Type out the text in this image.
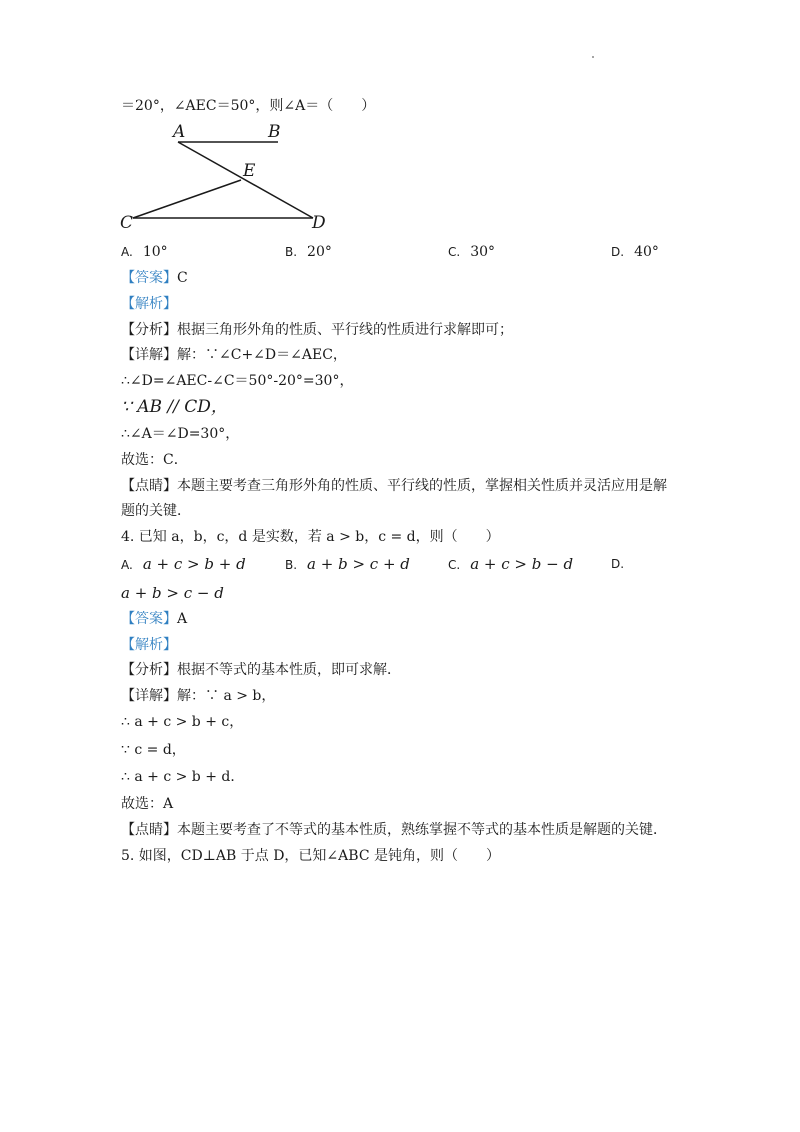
＝20°，∠AEC＝50°，则∠A＝（　　）
A	B
E
C	D
A. 10°	B. 20°	C. 30°	D. 40°
【答案】C
【解析】
【分析】根据三角形外角的性质、平行线的性质进行求解即可；
【详解】解：∵∠C+∠D＝∠AEC，
∴∠D=∠AEC-∠C＝50°-20°=30°，
∵ AB // CD，
∴∠A＝∠D=30°，
故选：C．
【点睛】本题主要考查三角形外角的性质、平行线的性质，掌握相关性质并灵活应用是解
题的关键．
4. 已知 a，b，c，d 是实数，若 a > b，c = d，则（　　）
A. a + c > b + d	B. a + b > c + d	C. a + c > b − d	D.
a + b > c − d
【答案】A
【解析】
【分析】根据不等式的基本性质，即可求解．
【详解】解：∵ a > b，
∴ a + c > b + c，
∵ c = d，
∴ a + c > b + d．
故选：A
【点睛】本题主要考查了不等式的基本性质，熟练掌握不等式的基本性质是解题的关键．
5. 如图，CD⊥AB 于点 D，已知∠ABC 是钝角，则（　　）
